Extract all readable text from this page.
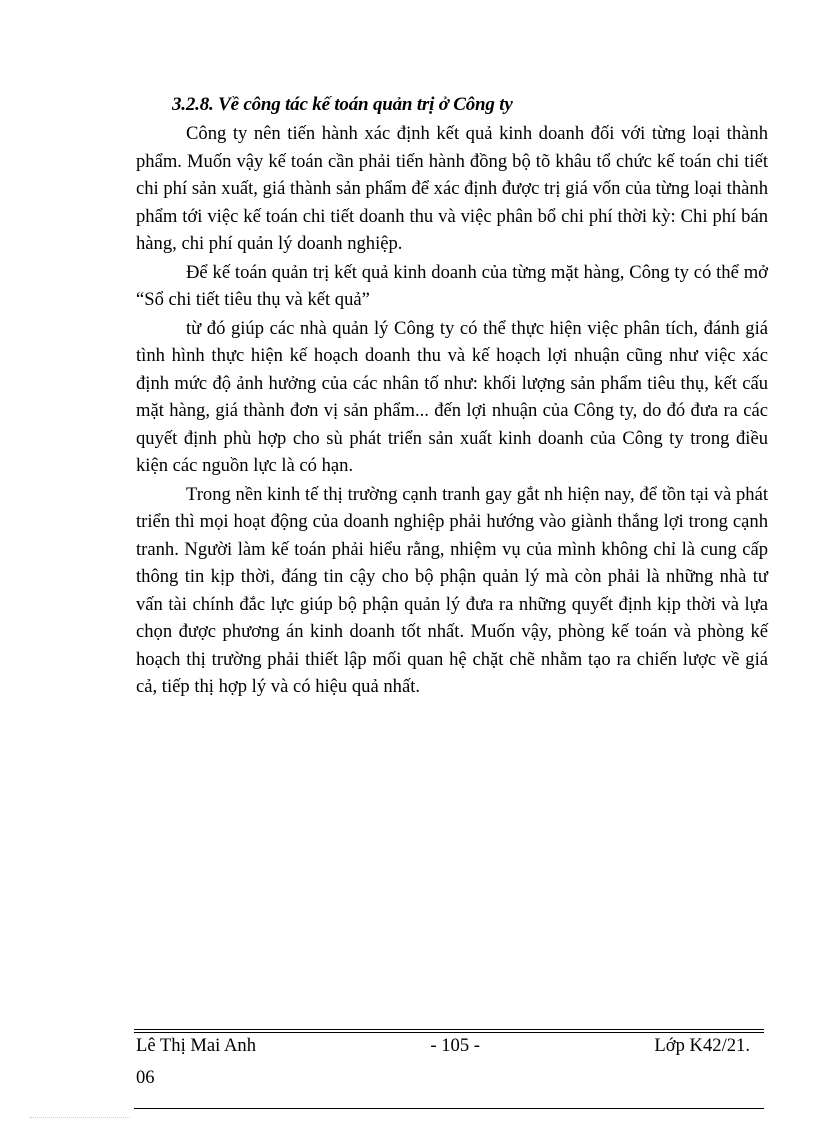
3.2.8. Về công tác kế toán quản trị ở Công ty

Công ty nên tiến hành xác định kết quả kinh doanh đối với từng loại thành phẩm. Muốn vậy kế toán cần phải tiến hành đồng bộ tõ khâu tổ chức kế toán chi tiết chi phí sản xuất, giá thành sản phẩm để xác định được trị giá vốn của từng loại thành phẩm tới việc kế toán chi tiết doanh thu và việc phân bổ chi phí thời kỳ: Chi phí bán hàng, chi phí quản lý doanh nghiệp.

Để kế toán quản trị kết quả kinh doanh của từng mặt hàng, Công ty có thể mở “Sổ chi tiết tiêu thụ và kết quả”

từ đó giúp các nhà quản lý Công ty có thể thực hiện việc phân tích, đánh giá tình hình thực hiện kế hoạch doanh thu và kế hoạch lợi nhuận cũng như việc xác định mức độ ảnh hưởng của các nhân tố như: khối lượng sản phẩm tiêu thụ, kết cấu mặt hàng, giá thành đơn vị sản phẩm... đến lợi nhuận của Công ty, do đó đưa ra các quyết định phù hợp cho sù phát triển sản xuất kinh doanh của Công ty trong điều kiện các nguồn lực là có hạn.

Trong nền kinh tế thị trường cạnh tranh gay gắt nh hiện nay, để tồn tại và phát triển thì mọi hoạt động của doanh nghiệp phải hướng vào giành thắng lợi trong cạnh tranh. Người làm kế toán phải hiểu rằng, nhiệm vụ của mình không chỉ là cung cấp thông tin kịp thời, đáng tin cậy cho bộ phận quản lý mà còn phải là những nhà tư vấn tài chính đắc lực giúp bộ phận quản lý đưa ra những quyết định kịp thời và lựa chọn được phương án kinh doanh tốt nhất. Muốn vậy, phòng kế toán và phòng kế hoạch thị trường phải thiết lập mối quan hệ chặt chẽ nhằm tạo ra chiến lược về giá cả, tiếp thị hợp lý và có hiệu quả nhất.

Lê Thị Mai Anh	- 105 -	Lớp K42/21.
06
